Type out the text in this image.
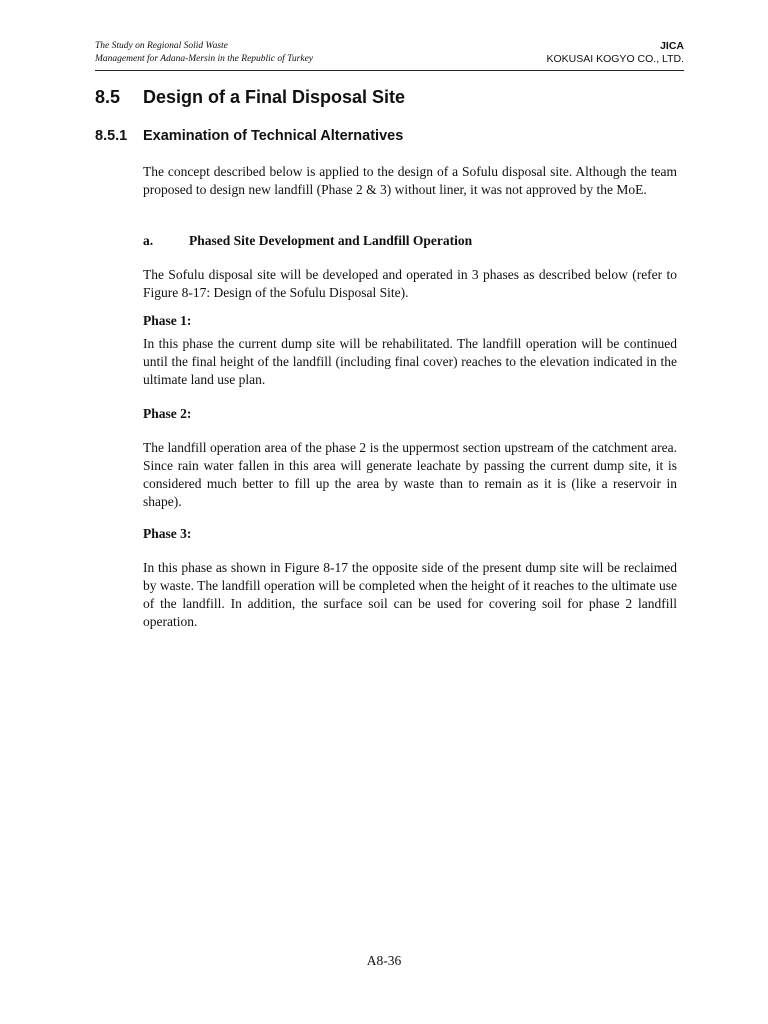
The Study on Regional Solid Waste
Management for Adana-Mersin in the Republic of Turkey
JICA
KOKUSAI KOGYO CO., LTD.
8.5 Design of a Final Disposal Site
8.5.1 Examination of Technical Alternatives
The concept described below is applied to the design of a Sofulu disposal site. Although the team proposed to design new landfill (Phase 2 & 3) without liner, it was not approved by the MoE.
a.	Phased Site Development and Landfill Operation
The Sofulu disposal site will be developed and operated in 3 phases as described below (refer to Figure 8-17: Design of the Sofulu Disposal Site).
Phase 1:
In this phase the current dump site will be rehabilitated. The landfill operation will be continued until the final height of the landfill (including final cover) reaches to the elevation indicated in the ultimate land use plan.
Phase 2:
The landfill operation area of the phase 2 is the uppermost section upstream of the catchment area. Since rain water fallen in this area will generate leachate by passing the current dump site, it is considered much better to fill up the area by waste than to remain as it is (like a reservoir in shape).
Phase 3:
In this phase as shown in Figure 8-17 the opposite side of the present dump site will be reclaimed by waste. The landfill operation will be completed when the height of it reaches to the ultimate use of the landfill. In addition, the surface soil can be used for covering soil for phase 2 landfill operation.
A8-36
